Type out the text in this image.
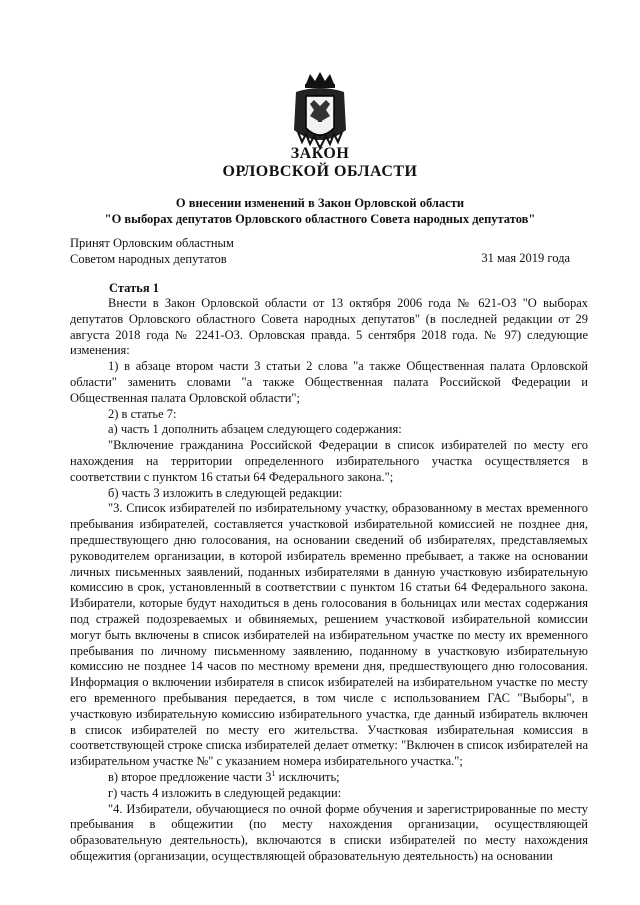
ЗАКОН
ОРЛОВСКОЙ ОБЛАСТИ
О внесении изменений в Закон Орловской области
"О выборах депутатов Орловского областного Совета народных депутатов"
Принят Орловским областным
Советом народных депутатов	31 мая 2019 года
Статья 1

Внести в Закон Орловской области от 13 октября 2006 года № 621-ОЗ "О выборах депутатов Орловского областного Совета народных депутатов" (в последней редакции от 29 августа 2018 года № 2241-ОЗ. Орловская правда. 5 сентября 2018 года. № 97) следующие изменения:

1) в абзаце втором части 3 статьи 2 слова "а также Общественная палата Орловской области" заменить словами "а также Общественная палата Российской Федерации и Общественная палата Орловской области";

2) в статье 7:

а) часть 1 дополнить абзацем следующего содержания:

"Включение гражданина Российской Федерации в список избирателей по месту его нахождения на территории определенного избирательного участка осуществляется в соответствии с пунктом 16 статьи 64 Федерального закона.";

б) часть 3 изложить в следующей редакции:

"3. Список избирателей по избирательному участку, образованному в местах временного пребывания избирателей, составляется участковой избирательной комиссией не позднее дня, предшествующего дню голосования, на основании сведений об избирателях, представляемых руководителем организации, в которой избиратель временно пребывает, а также на основании личных письменных заявлений, поданных избирателями в данную участковую избирательную комиссию в срок, установленный в соответствии с пунктом 16 статьи 64 Федерального закона. Избиратели, которые будут находиться в день голосования в больницах или местах содержания под стражей подозреваемых и обвиняемых, решением участковой избирательной комиссии могут быть включены в список избирателей на избирательном участке по месту их временного пребывания по личному письменному заявлению, поданному в участковую избирательную комиссию не позднее 14 часов по местному времени дня, предшествующего дню голосования. Информация о включении избирателя в список избирателей на избирательном участке по месту его временного пребывания передается, в том числе с использованием ГАС "Выборы", в участковую избирательную комиссию избирательного участка, где данный избиратель включен в список избирателей по месту его жительства. Участковая избирательная комиссия в соответствующей строке списка избирателей делает отметку: "Включен в список избирателей на избирательном участке №" с указанием номера избирательного участка.";

в) второе предложение части $3^1$ исключить;

г) часть 4 изложить в следующей редакции:

"4. Избиратели, обучающиеся по очной форме обучения и зарегистрированные по месту пребывания в общежитии (по месту нахождения организации, осуществляющей образовательную деятельность), включаются в списки избирателей по месту нахождения общежития (организации, осуществляющей образовательную деятельность) на основании
